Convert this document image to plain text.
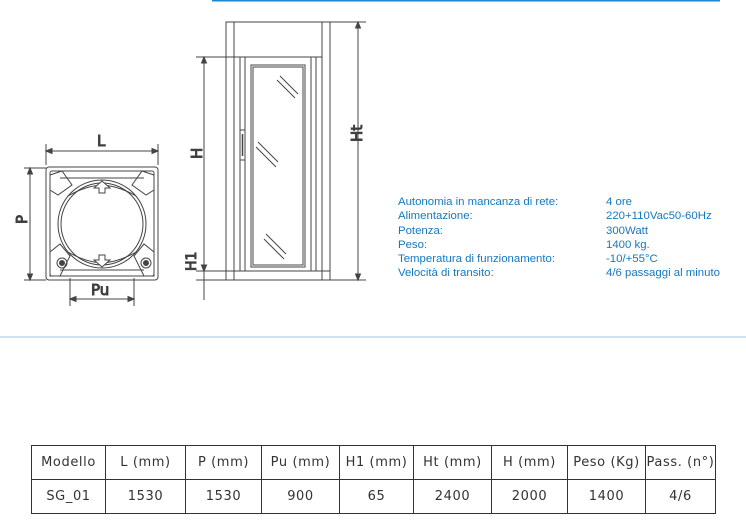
L
P
Pu
H
H1
Ht
Autonomia in mancanza di rete:	4 ore
Alimentazione:	220+110Vac50-60Hz
Potenza:	300Watt
Peso:	1400 kg.
Temperatura di funzionamento:	-10/+55°C
Velocità di transito:	4/6 passaggi al minuto
Modello	L (mm)	P (mm)	Pu (mm)	H1 (mm)	Ht (mm)	H (mm)	Peso (Kg)	Pass. (n°)
SG_01	1530	1530	900	65	2400	2000	1400	4/6
